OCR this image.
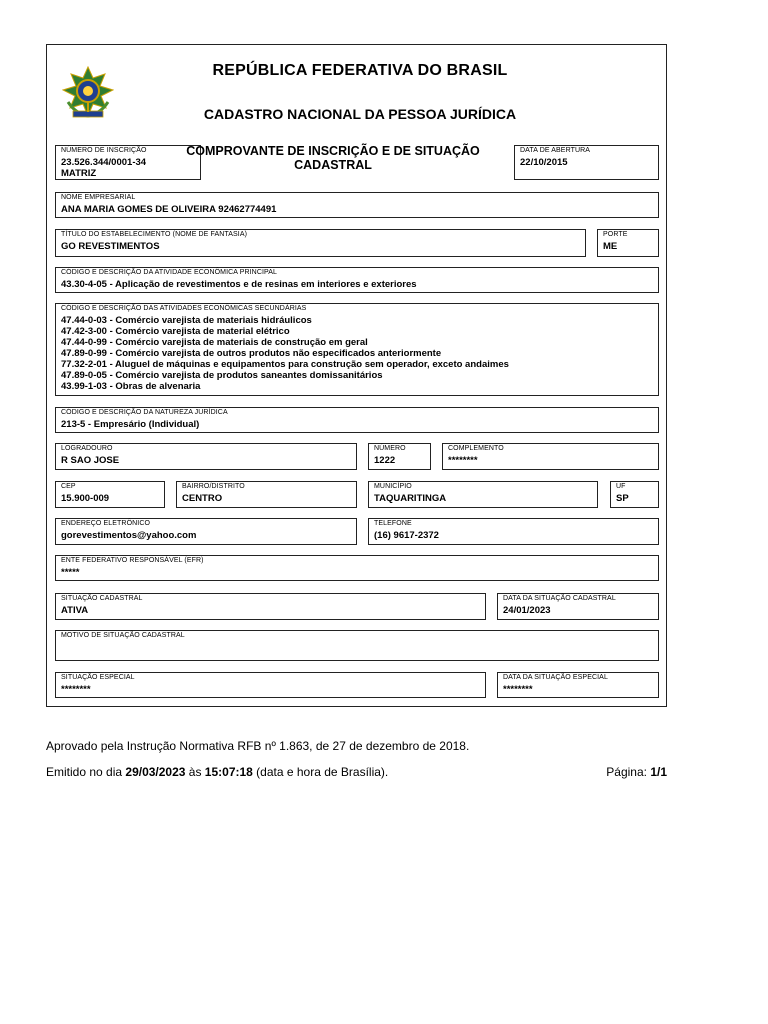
REPÚBLICA FEDERATIVA DO BRASIL
CADASTRO NACIONAL DA PESSOA JURÍDICA
NÚMERO DE INSCRIÇÃO
23.526.344/0001-34
MATRIZ
COMPROVANTE DE INSCRIÇÃO E DE SITUAÇÃO
CADASTRAL
DATA DE ABERTURA
22/10/2015
NOME EMPRESARIAL
ANA MARIA GOMES DE OLIVEIRA 92462774491
TÍTULO DO ESTABELECIMENTO (NOME DE FANTASIA)
GO REVESTIMENTOS
PORTE
ME
CÓDIGO E DESCRIÇÃO DA ATIVIDADE ECONÔMICA PRINCIPAL
43.30-4-05 - Aplicação de revestimentos e de resinas em interiores e exteriores
CÓDIGO E DESCRIÇÃO DAS ATIVIDADES ECONÔMICAS SECUNDÁRIAS
47.44-0-03 - Comércio varejista de materiais hidráulicos
47.42-3-00 - Comércio varejista de material elétrico
47.44-0-99 - Comércio varejista de materiais de construção em geral
47.89-0-99 - Comércio varejista de outros produtos não especificados anteriormente
77.32-2-01 - Aluguel de máquinas e equipamentos para construção sem operador, exceto andaimes
47.89-0-05 - Comércio varejista de produtos saneantes domissanitários
43.99-1-03 - Obras de alvenaria
CÓDIGO E DESCRIÇÃO DA NATUREZA JURÍDICA
213-5 - Empresário (Individual)
LOGRADOURO
R SAO JOSE
NÚMERO
1222
COMPLEMENTO
********
CEP
15.900-009
BAIRRO/DISTRITO
CENTRO
MUNICÍPIO
TAQUARITINGA
UF
SP
ENDEREÇO ELETRÔNICO
gorevestimentos@yahoo.com
TELEFONE
(16) 9617-2372
ENTE FEDERATIVO RESPONSÁVEL (EFR)
*****
SITUAÇÃO CADASTRAL
ATIVA
DATA DA SITUAÇÃO CADASTRAL
24/01/2023
MOTIVO DE SITUAÇÃO CADASTRAL
SITUAÇÃO ESPECIAL
********
DATA DA SITUAÇÃO ESPECIAL
********
Aprovado pela Instrução Normativa RFB nº 1.863, de 27 de dezembro de 2018.
Emitido no dia 29/03/2023 às 15:07:18 (data e hora de Brasília).	Página: 1/1
